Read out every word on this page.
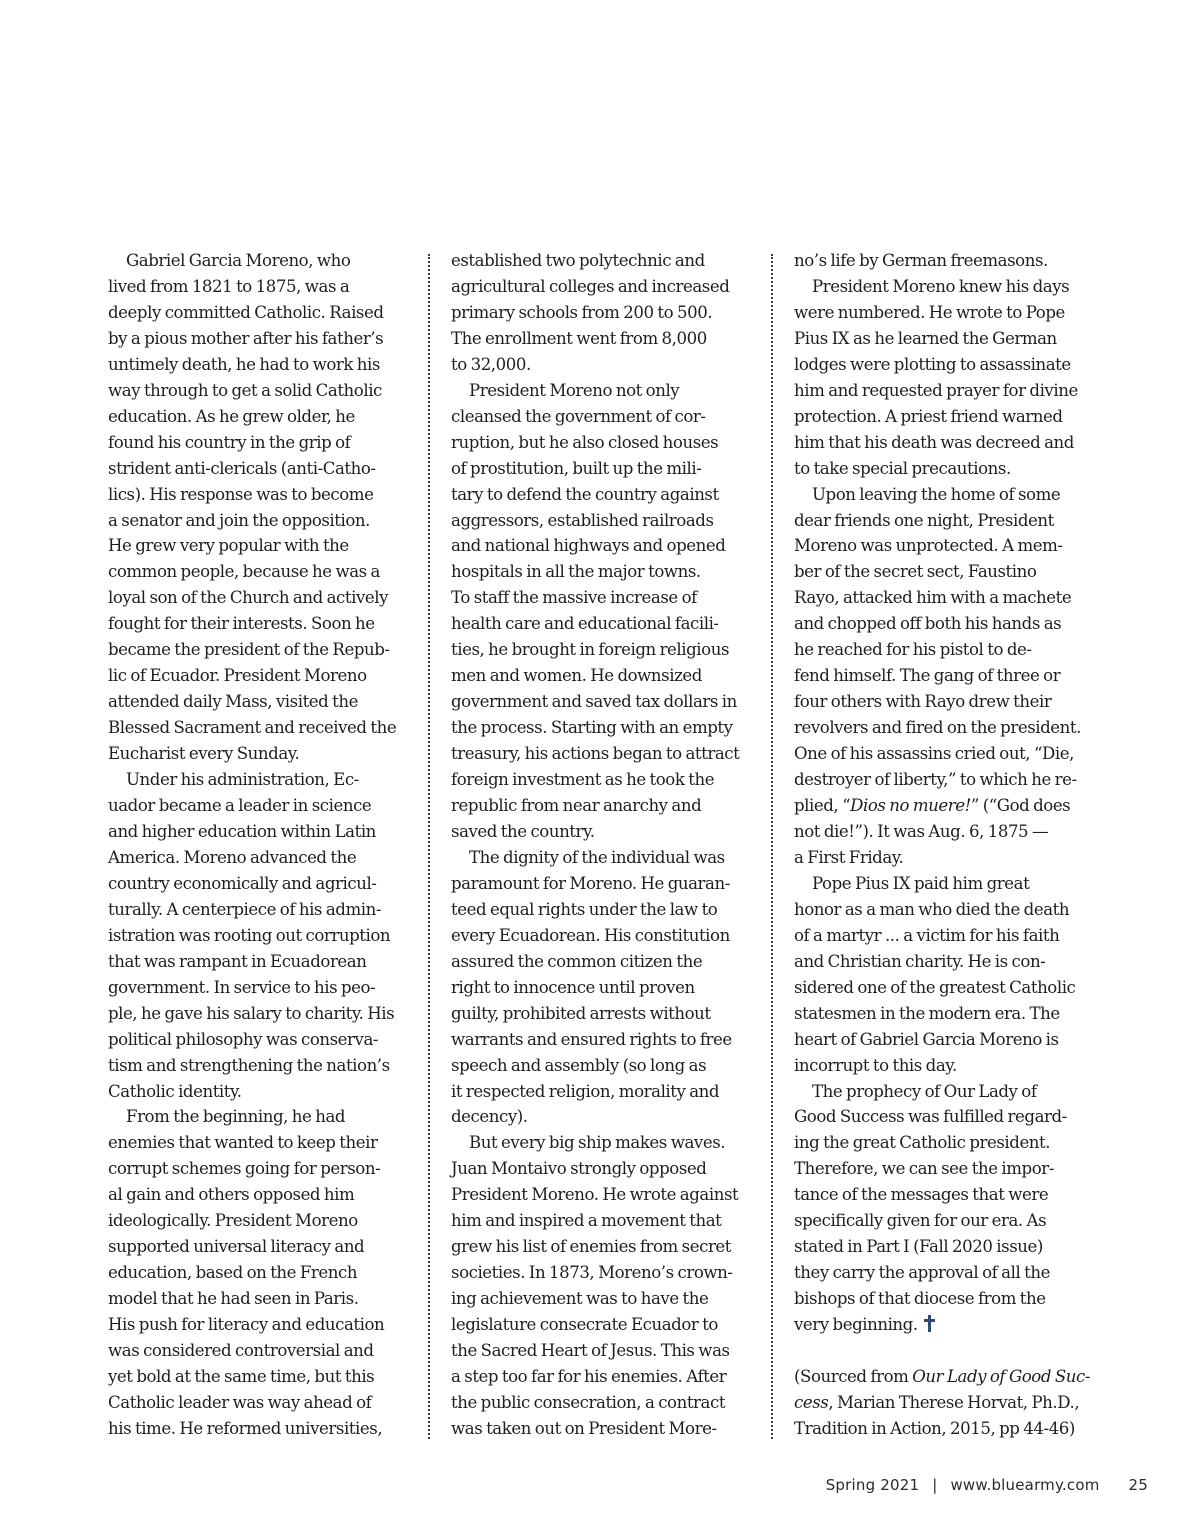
Gabriel Garcia Moreno, who
lived from 1821 to 1875, was a
deeply committed Catholic. Raised
by a pious mother after his father’s
untimely death, he had to work his
way through to get a solid Catholic
education. As he grew older, he
found his country in the grip of
strident anti-clericals (anti-Catho-
lics). His response was to become
a senator and join the opposition.
He grew very popular with the
common people, because he was a
loyal son of the Church and actively
fought for their interests. Soon he
became the president of the Repub-
lic of Ecuador. President Moreno
attended daily Mass, visited the
Blessed Sacrament and received the
Eucharist every Sunday.
Under his administration, Ec-
uador became a leader in science
and higher education within Latin
America. Moreno advanced the
country economically and agricul-
turally. A centerpiece of his admin-
istration was rooting out corruption
that was rampant in Ecuadorean
government. In service to his peo-
ple, he gave his salary to charity. His
political philosophy was conserva-
tism and strengthening the nation’s
Catholic identity.
From the beginning, he had
enemies that wanted to keep their
corrupt schemes going for person-
al gain and others opposed him
ideologically. President Moreno
supported universal literacy and
education, based on the French
model that he had seen in Paris.
His push for literacy and education
was considered controversial and
yet bold at the same time, but this
Catholic leader was way ahead of
his time. He reformed universities,
established two polytechnic and
agricultural colleges and increased
primary schools from 200 to 500.
The enrollment went from 8,000
to 32,000.
President Moreno not only
cleansed the government of cor-
ruption, but he also closed houses
of prostitution, built up the mili-
tary to defend the country against
aggressors, established railroads
and national highways and opened
hospitals in all the major towns.
To staff the massive increase of
health care and educational facili-
ties, he brought in foreign religious
men and women. He downsized
government and saved tax dollars in
the process. Starting with an empty
treasury, his actions began to attract
foreign investment as he took the
republic from near anarchy and
saved the country.
The dignity of the individual was
paramount for Moreno. He guaran-
teed equal rights under the law to
every Ecuadorean. His constitution
assured the common citizen the
right to innocence until proven
guilty, prohibited arrests without
warrants and ensured rights to free
speech and assembly (so long as
it respected religion, morality and
decency).
But every big ship makes waves.
Juan Montaivo strongly opposed
President Moreno. He wrote against
him and inspired a movement that
grew his list of enemies from secret
societies. In 1873, Moreno’s crown-
ing achievement was to have the
legislature consecrate Ecuador to
the Sacred Heart of Jesus. This was
a step too far for his enemies. After
the public consecration, a contract
was taken out on President More-
no’s life by German freemasons.
President Moreno knew his days
were numbered. He wrote to Pope
Pius IX as he learned the German
lodges were plotting to assassinate
him and requested prayer for divine
protection. A priest friend warned
him that his death was decreed and
to take special precautions.
Upon leaving the home of some
dear friends one night, President
Moreno was unprotected. A mem-
ber of the secret sect, Faustino
Rayo, attacked him with a machete
and chopped off both his hands as
he reached for his pistol to de-
fend himself. The gang of three or
four others with Rayo drew their
revolvers and fired on the president.
One of his assassins cried out, “Die,
destroyer of liberty,” to which he re-
plied, “Dios no muere!” (“God does
not die!”). It was Aug. 6, 1875 —
a First Friday.
Pope Pius IX paid him great
honor as a man who died the death
of a martyr ... a victim for his faith
and Christian charity. He is con-
sidered one of the greatest Catholic
statesmen in the modern era. The
heart of Gabriel Garcia Moreno is
incorrupt to this day.
The prophecy of Our Lady of
Good Success was fulfilled regard-
ing the great Catholic president.
Therefore, we can see the impor-
tance of the messages that were
specifically given for our era. As
stated in Part I (Fall 2020 issue)
they carry the approval of all the
bishops of that diocese from the
very beginning.
(Sourced from Our Lady of Good Suc-
cess, Marian Therese Horvat, Ph.D.,
Tradition in Action, 2015, pp 44-46)
Spring 2021 | www.bluearmy.com 25
